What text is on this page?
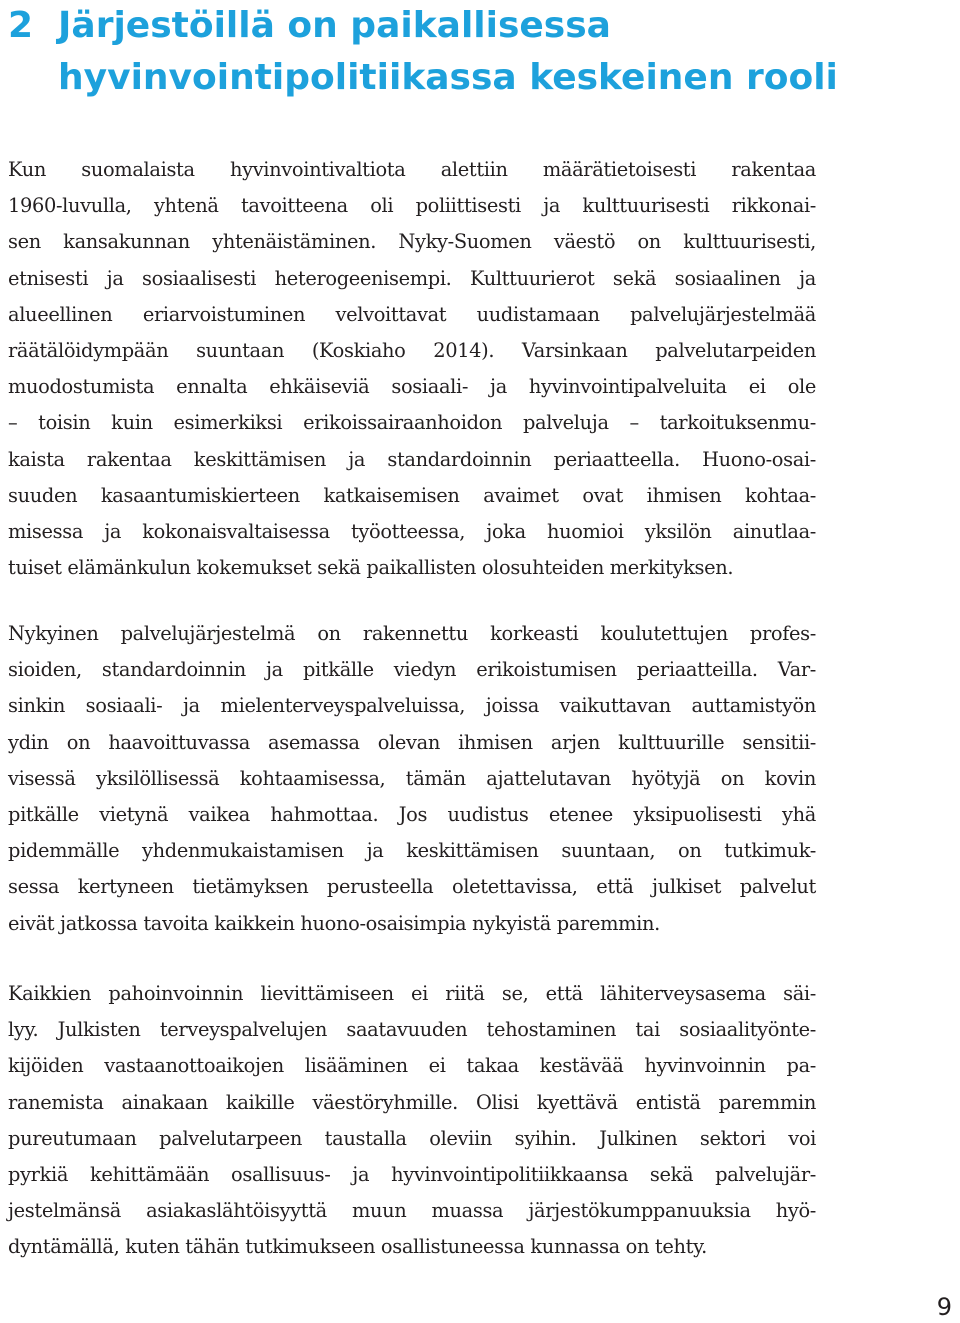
2 Järjestöillä on paikallisessa
hyvinvointipolitiikassa keskeinen rooli
Kun suomalaista hyvinvointivaltiota alettiin määrätietoisesti rakentaa
1960-luvulla, yhtenä tavoitteena oli poliittisesti ja kulttuurisesti rikkonai-
sen kansakunnan yhtenäistäminen. Nyky-Suomen väestö on kulttuurisesti,
etnisesti ja sosiaalisesti heterogeenisempi. Kulttuurierot sekä sosiaalinen ja
alueellinen eriarvoistuminen velvoittavat uudistamaan palvelujärjestelmää
räätälöidympään suuntaan (Koskiaho 2014). Varsinkaan palvelutarpeiden
muodostumista ennalta ehkäiseviä sosiaali- ja hyvinvointipalveluita ei ole
– toisin kuin esimerkiksi erikoissairaanhoidon palveluja – tarkoituksenmu-
kaista rakentaa keskittämisen ja standardoinnin periaatteella. Huono-osai-
suuden kasaantumiskierteen katkaisemisen avaimet ovat ihmisen kohtaa-
misessa ja kokonaisvaltaisessa työotteessa, joka huomioi yksilön ainutlaa-
tuiset elämänkulun kokemukset sekä paikallisten olosuhteiden merkityksen.
Nykyinen palvelujärjestelmä on rakennettu korkeasti koulutettujen profes-
sioiden, standardoinnin ja pitkälle viedyn erikoistumisen periaatteilla. Var-
sinkin sosiaali- ja mielenterveyspalveluissa, joissa vaikuttavan auttamistyön
ydin on haavoittuvassa asemassa olevan ihmisen arjen kulttuurille sensitii-
visessä yksilöllisessä kohtaamisessa, tämän ajattelutavan hyötyjä on kovin
pitkälle vietynä vaikea hahmottaa. Jos uudistus etenee yksipuolisesti yhä
pidemmälle yhdenmukaistamisen ja keskittämisen suuntaan, on tutkimuk-
sessa kertyneen tietämyksen perusteella oletettavissa, että julkiset palvelut
eivät jatkossa tavoita kaikkein huono-osaisimpia nykyistä paremmin.
Kaikkien pahoinvoinnin lievittämiseen ei riitä se, että lähiterveysasema säi-
lyy. Julkisten terveyspalvelujen saatavuuden tehostaminen tai sosiaalityönte-
kijöiden vastaanottoaikojen lisääminen ei takaa kestävää hyvinvoinnin pa-
ranemista ainakaan kaikille väestöryhmille. Olisi kyettävä entistä paremmin
pureutumaan palvelutarpeen taustalla oleviin syihin. Julkinen sektori voi
pyrkiä kehittämään osallisuus- ja hyvinvointipolitiikkaansa sekä palvelujär-
jestelmänsä asiakaslähtöisyyttä muun muassa järjestökumppanuuksia hyö-
dyntämällä, kuten tähän tutkimukseen osallistuneessa kunnassa on tehty.
9
